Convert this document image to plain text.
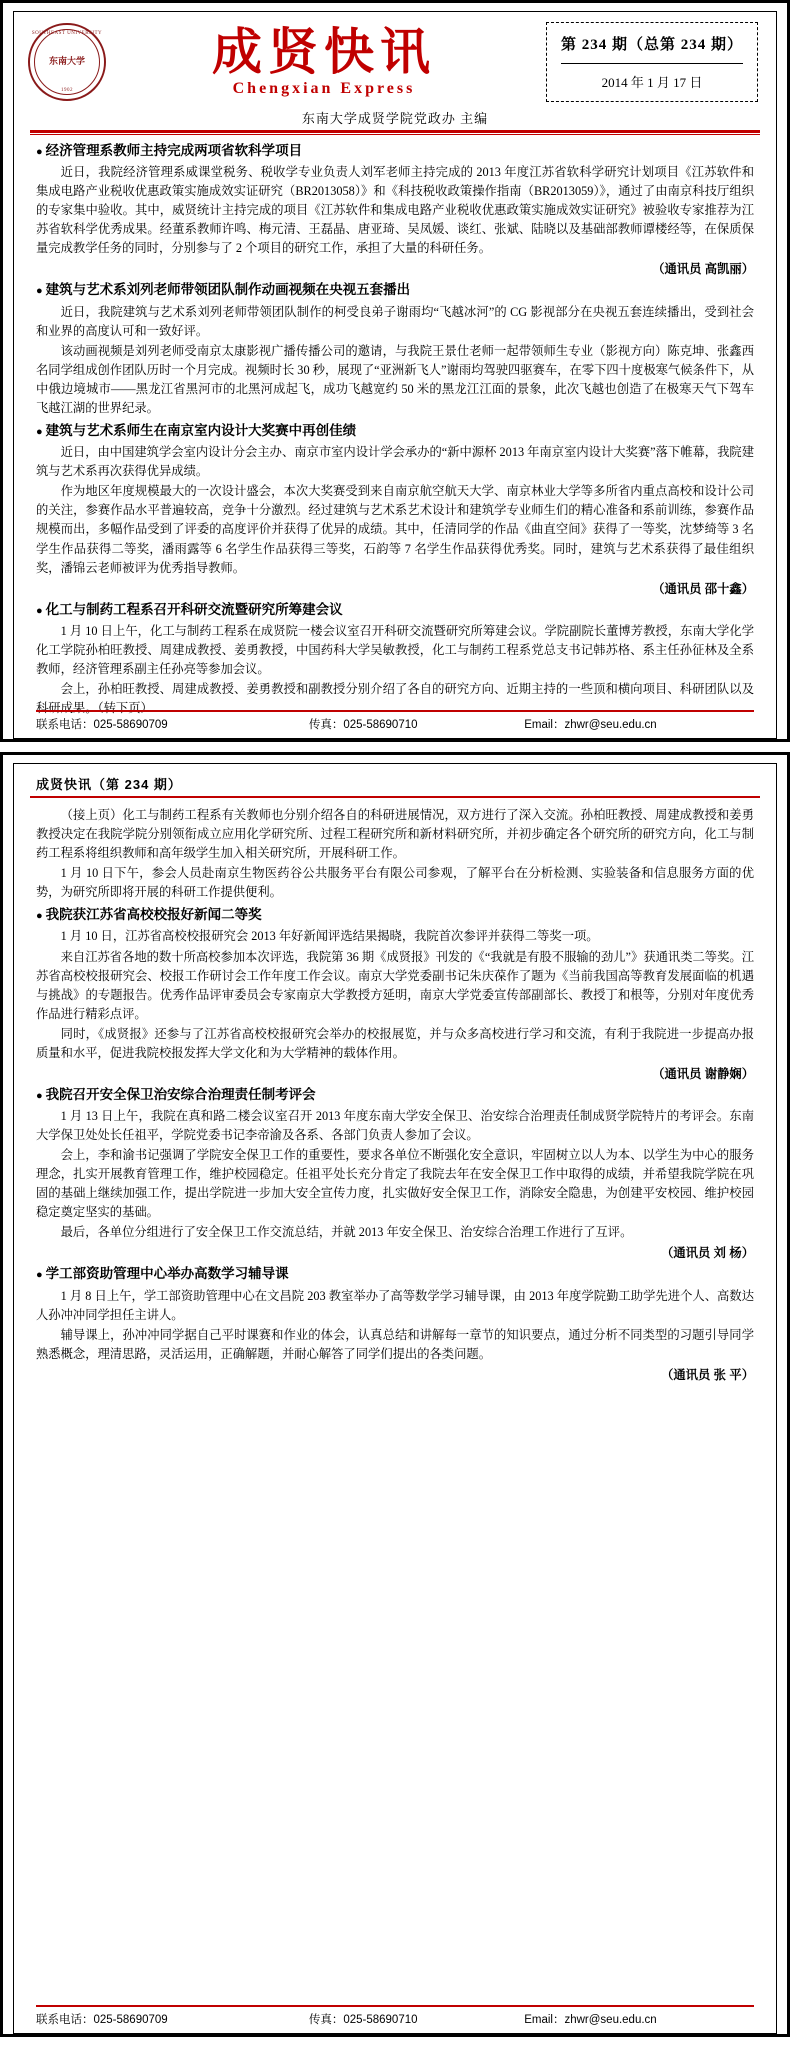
SOUTHEAST UNIVERSITY
东南大学
1902
成贤快讯
Chengxian Express
第 234 期（总第 234 期）
2014 年 1 月 17 日
东南大学成贤学院党政办 主编
● 经济管理系教师主持完成两项省软科学项目

近日，我院经济管理系威课堂税务、税收学专业负责人刘军老师主持完成的 2013 年度江苏省软科学研究计划项目《江苏软件和集成电路产业税收优惠政策实施成效实证研究（BR2013058）》和《科技税收政策操作指南（BR2013059）》，通过了由南京科技厅组织的专家集中验收。其中，威贤统计主持完成的项目《江苏软件和集成电路产业税收优惠政策实施成效实证研究》被验收专家推荐为江苏省软科学优秀成果。经董系教师许鸣、梅元清、王磊晶、唐亚琦、吴凤媛、谈红、张斌、陆晓以及基础部教师谭楼经等，在保质保量完成教学任务的同时，分别参与了 2 个项目的研究工作，承担了大量的科研任务。

（通讯员 高凯丽）

● 建筑与艺术系刘列老师带领团队制作动画视频在央视五套播出

近日，我院建筑与艺术系刘列老师带领团队制作的柯受良弟子谢雨均“飞越冰河”的 CG 影视部分在央视五套连续播出，受到社会和业界的高度认可和一致好评。

该动画视频是刘列老师受南京太康影视广播传播公司的邀请，与我院王景仕老师一起带领师生专业（影视方向）陈克坤、张鑫西名同学组成创作团队历时一个月完成。视频时长 30 秒，展现了“亚洲新飞人”谢雨均驾驶四驱赛车，在零下四十度极寒气候条件下，从中俄边境城市——黑龙江省黑河市的北黑河成起飞，成功飞越宽约 50 米的黑龙江江面的景象，此次飞越也创造了在极寒天气下驾车飞越江湖的世界纪录。

● 建筑与艺术系师生在南京室内设计大奖赛中再创佳绩

近日，由中国建筑学会室内设计分会主办、南京市室内设计学会承办的“新中源杯 2013 年南京室内设计大奖赛”落下帷幕，我院建筑与艺术系再次获得优异成绩。

作为地区年度规模最大的一次设计盛会，本次大奖赛受到来自南京航空航天大学、南京林业大学等多所省内重点高校和设计公司的关注，参赛作品水平普遍较高，竞争十分激烈。经过建筑与艺术系艺术设计和建筑学专业师生们的精心准备和系前训练，参赛作品规模而出，多幅作品受到了评委的高度评价并获得了优异的成绩。其中，任清同学的作品《曲直空间》获得了一等奖，沈梦绮等 3 名学生作品获得二等奖，潘雨露等 6 名学生作品获得三等奖，石韵等 7 名学生作品获得优秀奖。同时，建筑与艺术系获得了最佳组织奖，潘锦云老师被评为优秀指导教师。

（通讯员 邵十鑫）

● 化工与制药工程系召开科研交流暨研究所筹建会议

1 月 10 日上午，化工与制药工程系在成贤院一楼会议室召开科研交流暨研究所筹建会议。学院副院长董博芳教授，东南大学化学化工学院孙柏旺教授、周建成教授、姜勇教授，中国药科大学吴敏教授，化工与制药工程系党总支书记韩苏格、系主任孙征林及全系教师，经济管理系副主任孙亮等参加会议。

会上，孙柏旺教授、周建成教授、姜勇教授和副教授分别介绍了各自的研究方向、近期主持的一些顶和横向项目、科研团队以及科研成果。（转下页）

联系电话：025-58690709	传真：025-58690710	Email：zhwr@seu.edu.cn
成贤快讯（第 234 期）

（接上页）化工与制药工程系有关教师也分别介绍各自的科研进展情况，双方进行了深入交流。孙柏旺教授、周建成教授和姜勇教授决定在我院学院分别领衔成立应用化学研究所、过程工程研究所和新材料研究所，并初步确定各个研究所的研究方向，化工与制药工程系将组织教师和高年级学生加入相关研究所，开展科研工作。

1 月 10 日下午，参会人员赴南京生物医药谷公共服务平台有限公司参观，了解平台在分析检测、实验装备和信息服务方面的优势，为研究所即将开展的科研工作提供便利。

● 我院获江苏省高校校报好新闻二等奖

1 月 10 日，江苏省高校校报研究会 2013 年好新闻评选结果揭晓，我院首次参评并获得二等奖一项。

来自江苏省各地的数十所高校参加本次评选，我院第 36 期《成贤报》刊发的《“我就是有股不服输的劲儿”》获通讯类二等奖。江苏省高校校报研究会、校报工作研讨会工作年度工作会议。南京大学党委副书记朱庆葆作了题为《当前我国高等教育发展面临的机遇与挑战》的专题报告。优秀作品评审委员会专家南京大学教授方延明，南京大学党委宣传部副部长、教授丁和根等，分别对年度优秀作品进行精彩点评。

同时，《成贤报》还参与了江苏省高校校报研究会举办的校报展览，并与众多高校进行学习和交流，有利于我院进一步提高办报质量和水平，促进我院校报发挥大学文化和为大学精神的载体作用。

（通讯员 谢静娴）

● 我院召开安全保卫治安综合治理责任制考评会

1 月 13 日上午，我院在真和路二楼会议室召开 2013 年度东南大学安全保卫、治安综合治理责任制成贤学院特片的考评会。东南大学保卫处处长任祖平，学院党委书记李帝渝及各系、各部门负责人参加了会议。

会上，李和渝书记强调了学院安全保卫工作的重要性，要求各单位不断强化安全意识，牢固树立以人为本、以学生为中心的服务理念，扎实开展教育管理工作，维护校园稳定。任祖平处长充分肯定了我院去年在安全保卫工作中取得的成绩，并希望我院学院在巩固的基础上继续加强工作，提出学院进一步加大安全宣传力度，扎实做好安全保卫工作，消除安全隐患，为创建平安校园、维护校园稳定奠定坚实的基础。

最后，各单位分组进行了安全保卫工作交流总结，并就 2013 年安全保卫、治安综合治理工作进行了互评。

（通讯员 刘 杨）

● 学工部资助管理中心举办高数学习辅导课

1 月 8 日上午，学工部资助管理中心在文昌院 203 教室举办了高等数学学习辅导课，由 2013 年度学院勤工助学先进个人、高数达人孙冲冲同学担任主讲人。

辅导课上，孙冲冲同学据自己平时课赛和作业的体会，认真总结和讲解每一章节的知识要点，通过分析不同类型的习题引导同学熟悉概念，理清思路，灵活运用，正确解题，并耐心解答了同学们提出的各类问题。

（通讯员 张 平）

联系电话：025-58690709	传真：025-58690710	Email：zhwr@seu.edu.cn
